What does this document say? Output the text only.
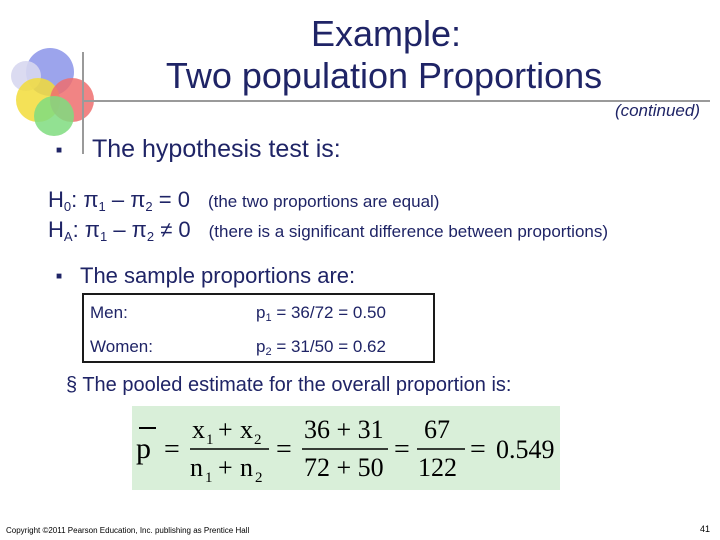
Example:
Two population Proportions
(continued)
■ The hypothesis test is:
$H_0$: $\pi_1 - \pi_2 = 0$ (the two proportions are equal)
$H_A$: $\pi_1 - \pi_2 \ne 0$ (there is a significant difference between proportions)
■ The sample proportions are:
Men:	$p_1 = 36/72 = 0.50$
Women:	$p_2 = 31/50 = 0.62$
§ The pooled estimate for the overall proportion is:
p =
x 1 + x 2
n 1 + n 2
=
36 + 31
72 + 50
=
67
122
= 0.549
Copyright ©2011 Pearson Education, Inc. publishing as Prentice Hall	41
